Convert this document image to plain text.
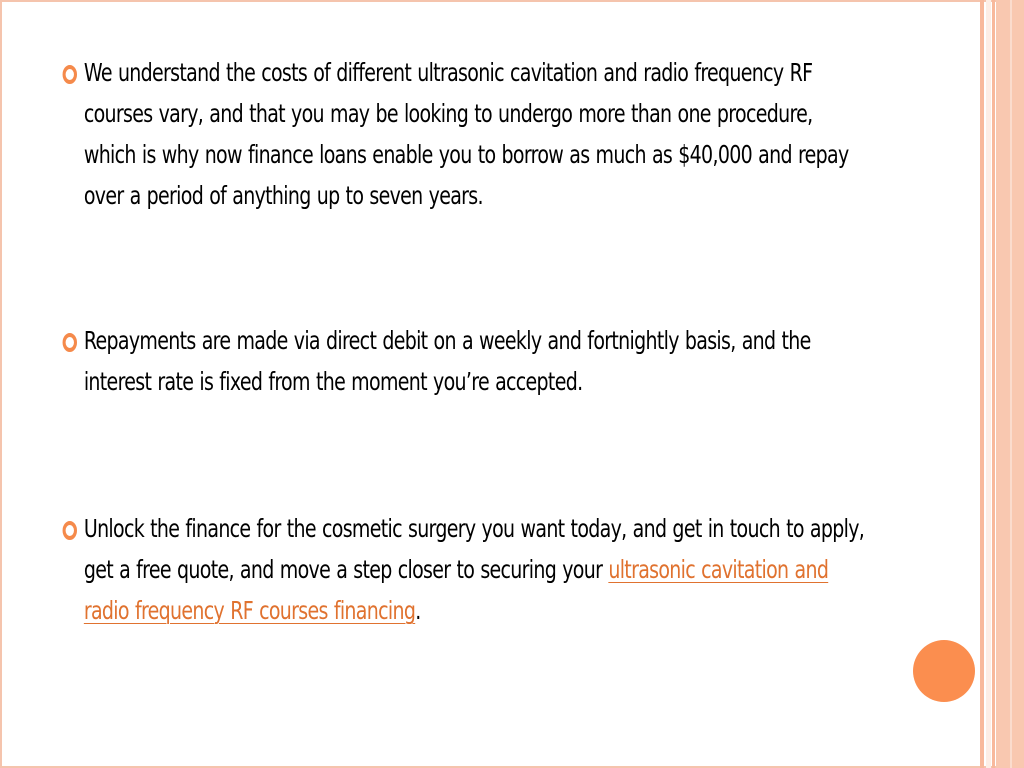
We understand the costs of different ultrasonic cavitation and radio frequency RF courses vary, and that you may be looking to undergo more than one procedure, which is why now finance loans enable you to borrow as much as $40,000 and repay over a period of anything up to seven years.
Repayments are made via direct debit on a weekly and fortnightly basis, and the interest rate is fixed from the moment you’re accepted.
Unlock the finance for the cosmetic surgery you want today, and get in touch to apply, get a free quote, and move a step closer to securing your ultrasonic cavitation and radio frequency RF courses financing.
